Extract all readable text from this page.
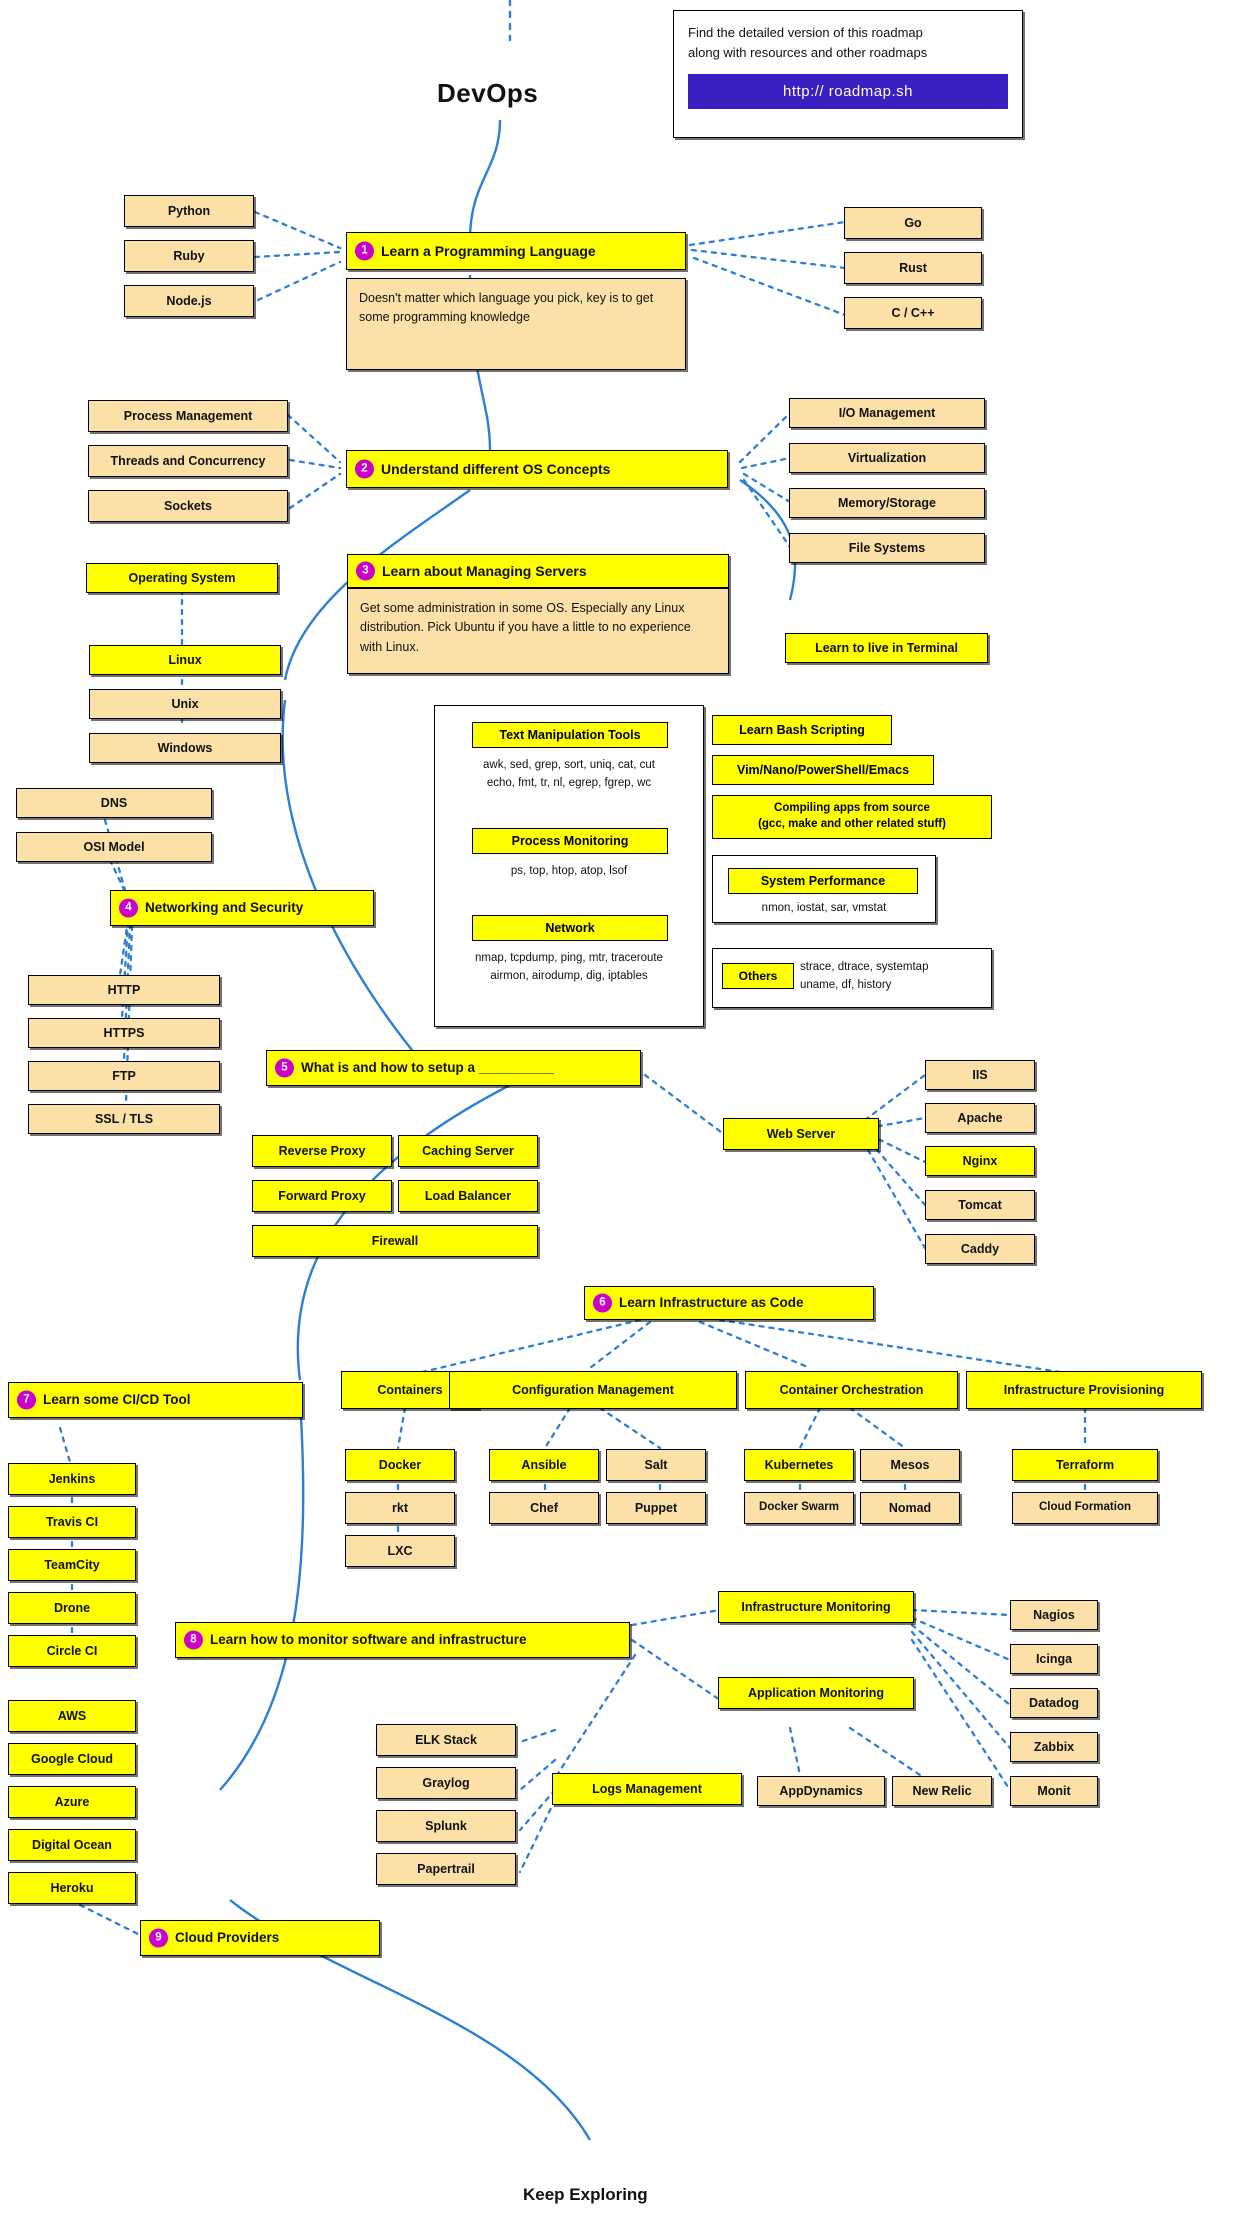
DevOps
Keep Exploring

Find the detailed version of this roadmap

along with resources and other roadmaps

http:// roadmap.sh
1 Learn a Programming Language
Doesn't matter which language you pick, key is to get some programming knowledge
Python
Ruby
Node.js
Go
Rust
C / C++
2 Understand different OS Concepts
Process Management
Threads and Concurrency
Sockets
I/O Management
Virtualization
Memory/Storage
File Systems
3 Learn about Managing Servers
Get some administration in some OS. Especially any Linux distribution. Pick Ubuntu if you have a little to no experience with Linux.
Operating System
Linux
Unix
Windows
Learn to live in Terminal
Text Manipulation Tools
awk, sed, grep, sort, uniq, cat, cut
echo, fmt, tr, nl, egrep, fgrep, wc
Process Monitoring
ps, top, htop, atop, lsof
Network
nmap, tcpdump, ping, mtr, traceroute
airmon, airodump, dig, iptables
Learn Bash Scripting
Vim/Nano/PowerShell/Emacs
Compiling apps from source
(gcc, make and other related stuff)
System Performance
nmon, iostat, sar, vmstat
Others
strace, dtrace, systemtap
uname, df, history
4 Networking and Security
DNS
OSI Model
HTTP
HTTPS
FTP
SSL / TLS
5 What is and how to setup a __________
Reverse Proxy	Caching Server
Forward Proxy	Load Balancer
Firewall
Web Server
IIS
Apache
Nginx
Tomcat
Caddy
6 Learn Infrastructure as Code
Containers	Configuration Management	Container Orchestration	Infrastructure Provisioning
Docker
rkt
LXC
Ansible	Salt
Chef	Puppet
Kubernetes	Mesos
Docker Swarm	Nomad
Terraform
Cloud Formation
7 Learn some CI/CD Tool
Jenkins
Travis CI
TeamCity
Drone
Circle CI
8 Learn how to monitor software and infrastructure
Infrastructure Monitoring
Application Monitoring
Logs Management
Nagios
Icinga
Datadog
Zabbix
Monit
AppDynamics	New Relic
ELK Stack
Graylog
Splunk
Papertrail
9 Cloud Providers
AWS
Google Cloud
Azure
Digital Ocean
Heroku
